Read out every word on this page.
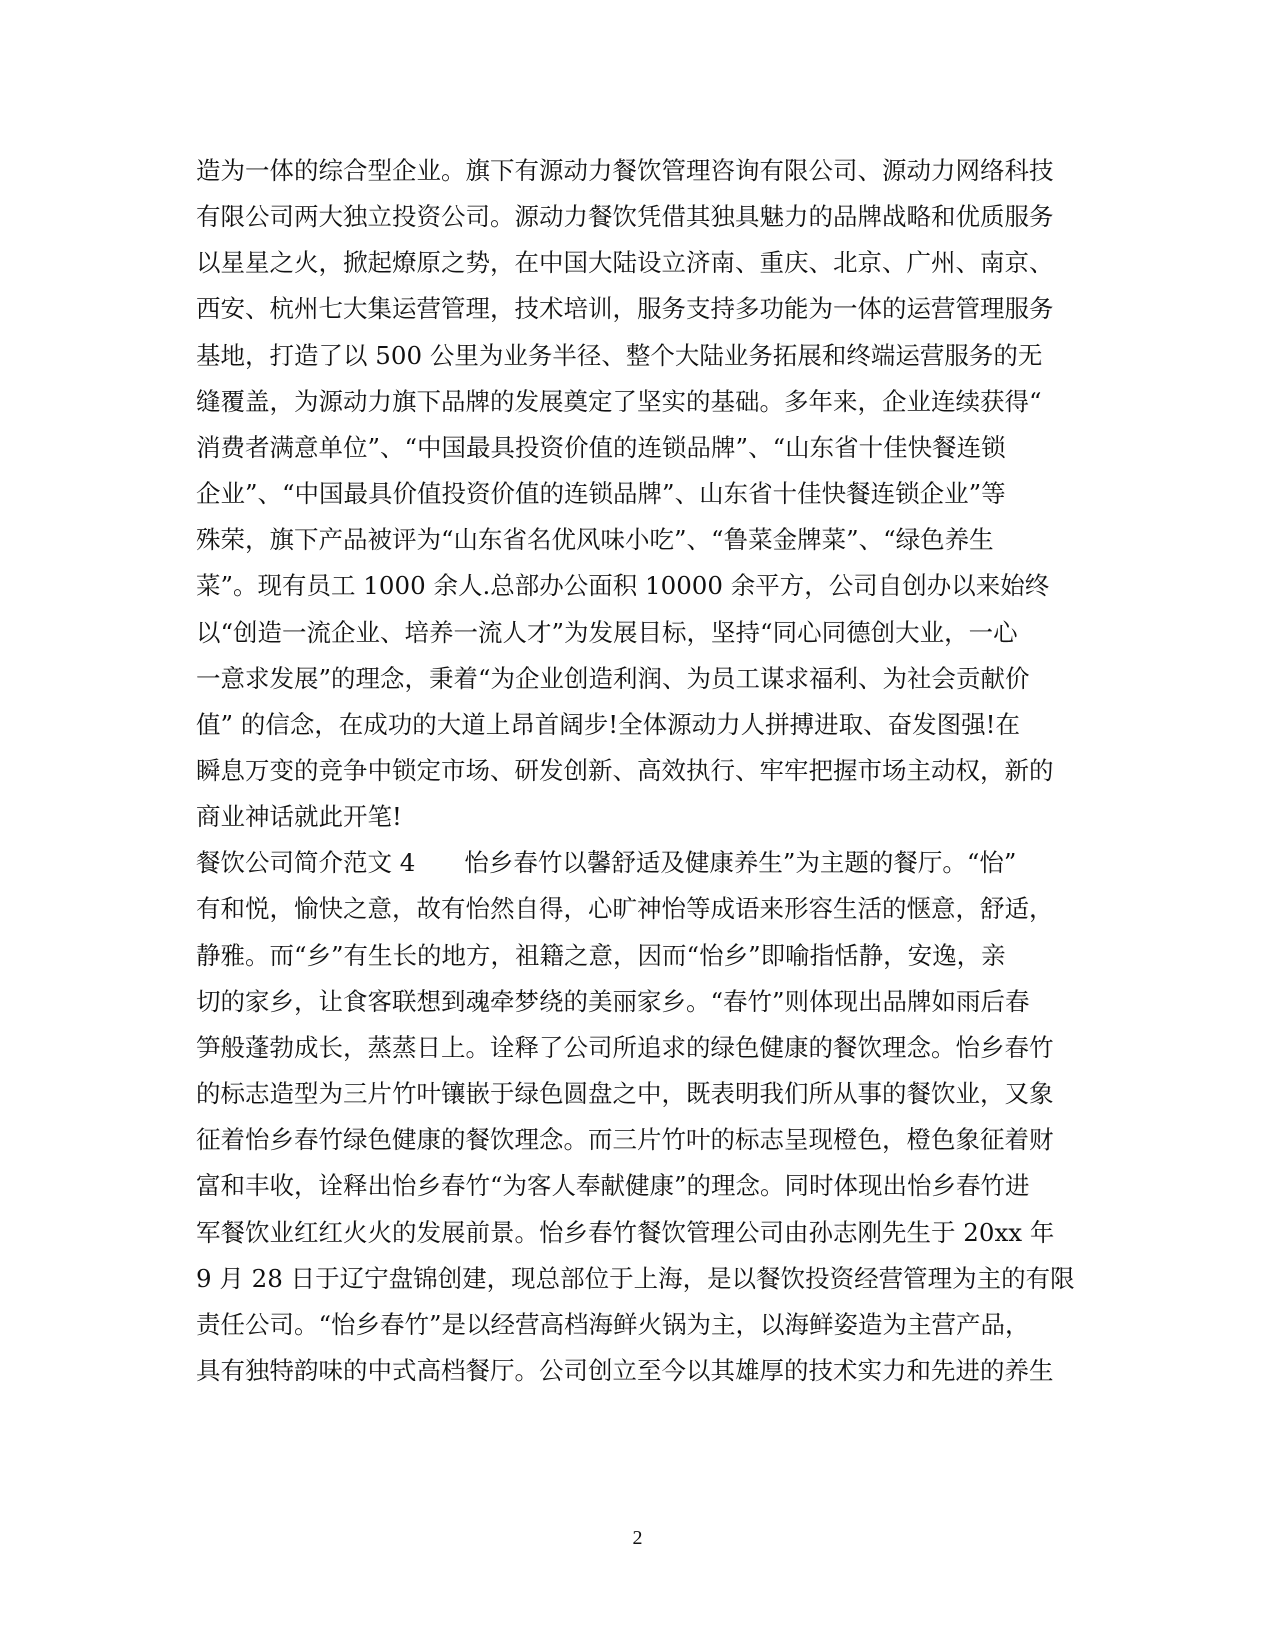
造为一体的综合型企业。旗下有源动力餐饮管理咨询有限公司、源动力网络科技
有限公司两大独立投资公司。源动力餐饮凭借其独具魅力的品牌战略和优质服务
以星星之火，掀起燎原之势，在中国大陆设立济南、重庆、北京、广州、南京、
西安、杭州七大集运营管理，技术培训，服务支持多功能为一体的运营管理服务
基地，打造了以 500 公里为业务半径、整个大陆业务拓展和终端运营服务的无
缝覆盖，为源动力旗下品牌的发展奠定了坚实的基础。多年来，企业连续获得“
消费者满意单位”、“中国最具投资价值的连锁品牌”、“山东省十佳快餐连锁
企业”、“中国最具价值投资价值的连锁品牌”、山东省十佳快餐连锁企业”等
殊荣，旗下产品被评为“山东省名优风味小吃”、“鲁菜金牌菜”、“绿色养生
菜”。现有员工 1000 余人.总部办公面积 10000 余平方，公司自创办以来始终
以“创造一流企业、培养一流人才”为发展目标，坚持“同心同德创大业，一心
一意求发展”的理念，秉着“为企业创造利润、为员工谋求福利、为社会贡献价
值” 的信念，在成功的大道上昂首阔步!全体源动力人拼搏进取、奋发图强!在
瞬息万变的竞争中锁定市场、研发创新、高效执行、牢牢把握市场主动权，新的
商业神话就此开笔!
餐饮公司简介范文 4　　怡乡春竹以馨舒适及健康养生”为主题的餐厅。“怡”
有和悦，愉快之意，故有怡然自得，心旷神怡等成语来形容生活的惬意，舒适，
静雅。而“乡”有生长的地方，祖籍之意，因而“怡乡”即喻指恬静，安逸，亲
切的家乡，让食客联想到魂牵梦绕的美丽家乡。“春竹”则体现出品牌如雨后春
笋般蓬勃成长，蒸蒸日上。诠释了公司所追求的绿色健康的餐饮理念。怡乡春竹
的标志造型为三片竹叶镶嵌于绿色圆盘之中，既表明我们所从事的餐饮业，又象
征着怡乡春竹绿色健康的餐饮理念。而三片竹叶的标志呈现橙色，橙色象征着财
富和丰收，诠释出怡乡春竹“为客人奉献健康”的理念。同时体现出怡乡春竹进
军餐饮业红红火火的发展前景。怡乡春竹餐饮管理公司由孙志刚先生于 20xx 年
9 月 28 日于辽宁盘锦创建，现总部位于上海，是以餐饮投资经营管理为主的有限
责任公司。“怡乡春竹”是以经营高档海鲜火锅为主，以海鲜姿造为主营产品，
具有独特韵味的中式高档餐厅。公司创立至今以其雄厚的技术实力和先进的养生
2
